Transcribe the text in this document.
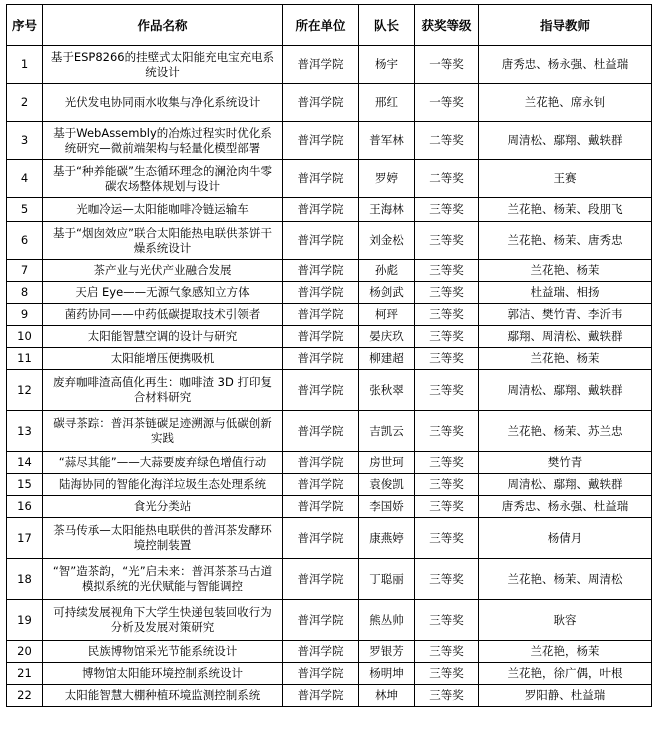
序号	作品名称	所在单位	队长	获奖等级	指导教师
1	基于ESP8266的挂壁式太阳能充电宝充电系统设计	普洱学院	杨宇	一等奖	唐秀忠、杨永强、杜益瑞
2	光伏发电协同雨水收集与净化系统设计	普洱学院	邢红	一等奖	兰花艳、席永钊
3	基于WebAssembly的冶炼过程实时优化系统研究—微前端架构与轻量化模型部署	普洱学院	普军林	二等奖	周清松、鄢翔、戴轶群
4	基于“种养能碳”生态循环理念的澜沧肉牛零碳农场整体规划与设计	普洱学院	罗婷	二等奖	王赛
5	光咖冷运—太阳能咖啡冷链运输车	普洱学院	王海林	三等奖	兰花艳、杨茉、段朋飞
6	基于“烟囱效应”联合太阳能热电联供茶饼干燥系统设计	普洱学院	刘金松	三等奖	兰花艳、杨茉、唐秀忠
7	茶产业与光伏产业融合发展	普洱学院	孙彪	三等奖	兰花艳、杨茉
8	天启 Eye——无源气象感知立方体	普洱学院	杨剑武	三等奖	杜益瑞、相扬
9	菌药协同——中药低碳提取技术引领者	普洱学院	柯玶	三等奖	郭洁、樊竹青、李沂韦
10	太阳能智慧空调的设计与研究	普洱学院	晏庆玖	三等奖	鄢翔、周清松、戴轶群
11	太阳能增压便携吸机	普洱学院	柳建超	三等奖	兰花艳、杨茉
12	废弃咖啡渣高值化再生：咖啡渣 3D 打印复合材料研究	普洱学院	张秋翠	三等奖	周清松、鄢翔、戴轶群
13	碳寻茶踪：普洱茶链碳足迹溯源与低碳创新实践	普洱学院	吉凯云	三等奖	兰花艳、杨茉、苏兰忠
14	“蒜尽其能”——大蒜要废弃绿色增值行动	普洱学院	房世珂	三等奖	樊竹青
15	陆海协同的智能化海洋垃圾生态处理系统	普洱学院	袁俊凯	三等奖	周清松、鄢翔、戴轶群
16	食光分类站	普洱学院	李国娇	三等奖	唐秀忠、杨永强、杜益瑞
17	茶马传承—太阳能热电联供的普洱茶发酵环境控制装置	普洱学院	康燕婷	三等奖	杨倩月
18	“智”造茶韵，“光”启未来：普洱茶茶马古道模拟系统的光伏赋能与智能调控	普洱学院	丁聪丽	三等奖	兰花艳、杨茉、周清松
19	可持续发展视角下大学生快递包装回收行为分析及发展对策研究	普洱学院	熊丛帅	三等奖	耿容
20	民族博物馆采光节能系统设计	普洱学院	罗银芳	三等奖	兰花艳，杨茉
21	博物馆太阳能环境控制系统设计	普洱学院	杨明坤	三等奖	兰花艳，徐广偶，叶根
22	太阳能智慧大棚种植环境监测控制系统	普洱学院	林坤	三等奖	罗阳静、杜益瑞
